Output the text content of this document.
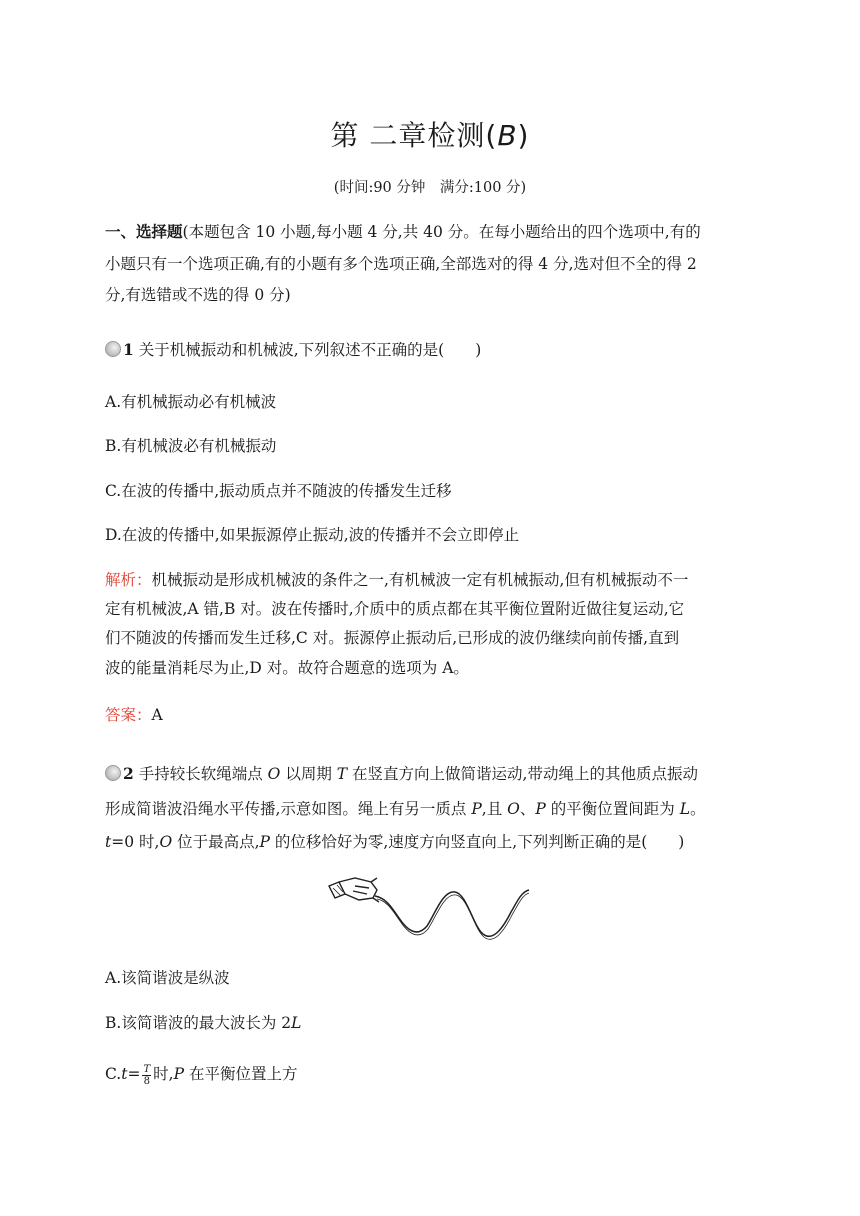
第 二章检测(B)
(时间:90 分钟　满分:100 分)
一、选择题(本题包含 10 小题,每小题 4 分,共 40 分。在每小题给出的四个选项中,有的
小题只有一个选项正确,有的小题有多个选项正确,全部选对的得 4 分,选对但不全的得 2
分,有选错或不选的得 0 分)
1 关于机械振动和机械波,下列叙述不正确的是(　　)
A.有机械振动必有机械波
B.有机械波必有机械振动
C.在波的传播中,振动质点并不随波的传播发生迁移
D.在波的传播中,如果振源停止振动,波的传播并不会立即停止
解析：机械振动是形成机械波的条件之一,有机械波一定有机械振动,但有机械振动不一
定有机械波,A 错,B 对。波在传播时,介质中的质点都在其平衡位置附近做往复运动,它
们不随波的传播而发生迁移,C 对。振源停止振动后,已形成的波仍继续向前传播,直到
波的能量消耗尽为止,D 对。故符合题意的选项为 A。
答案：A
2 手持较长软绳端点 O 以周期 T 在竖直方向上做简谐运动,带动绳上的其他质点振动
形成简谐波沿绳水平传播,示意如图。绳上有另一质点 P,且 O、P 的平衡位置间距为 L。
t=0 时,O 位于最高点,P 的位移恰好为零,速度方向竖直向上,下列判断正确的是(　　)
A.该简谐波是纵波
B.该简谐波的最大波长为 2L
$C.t= \frac{T}{8}$ 时,P 在平衡位置上方
